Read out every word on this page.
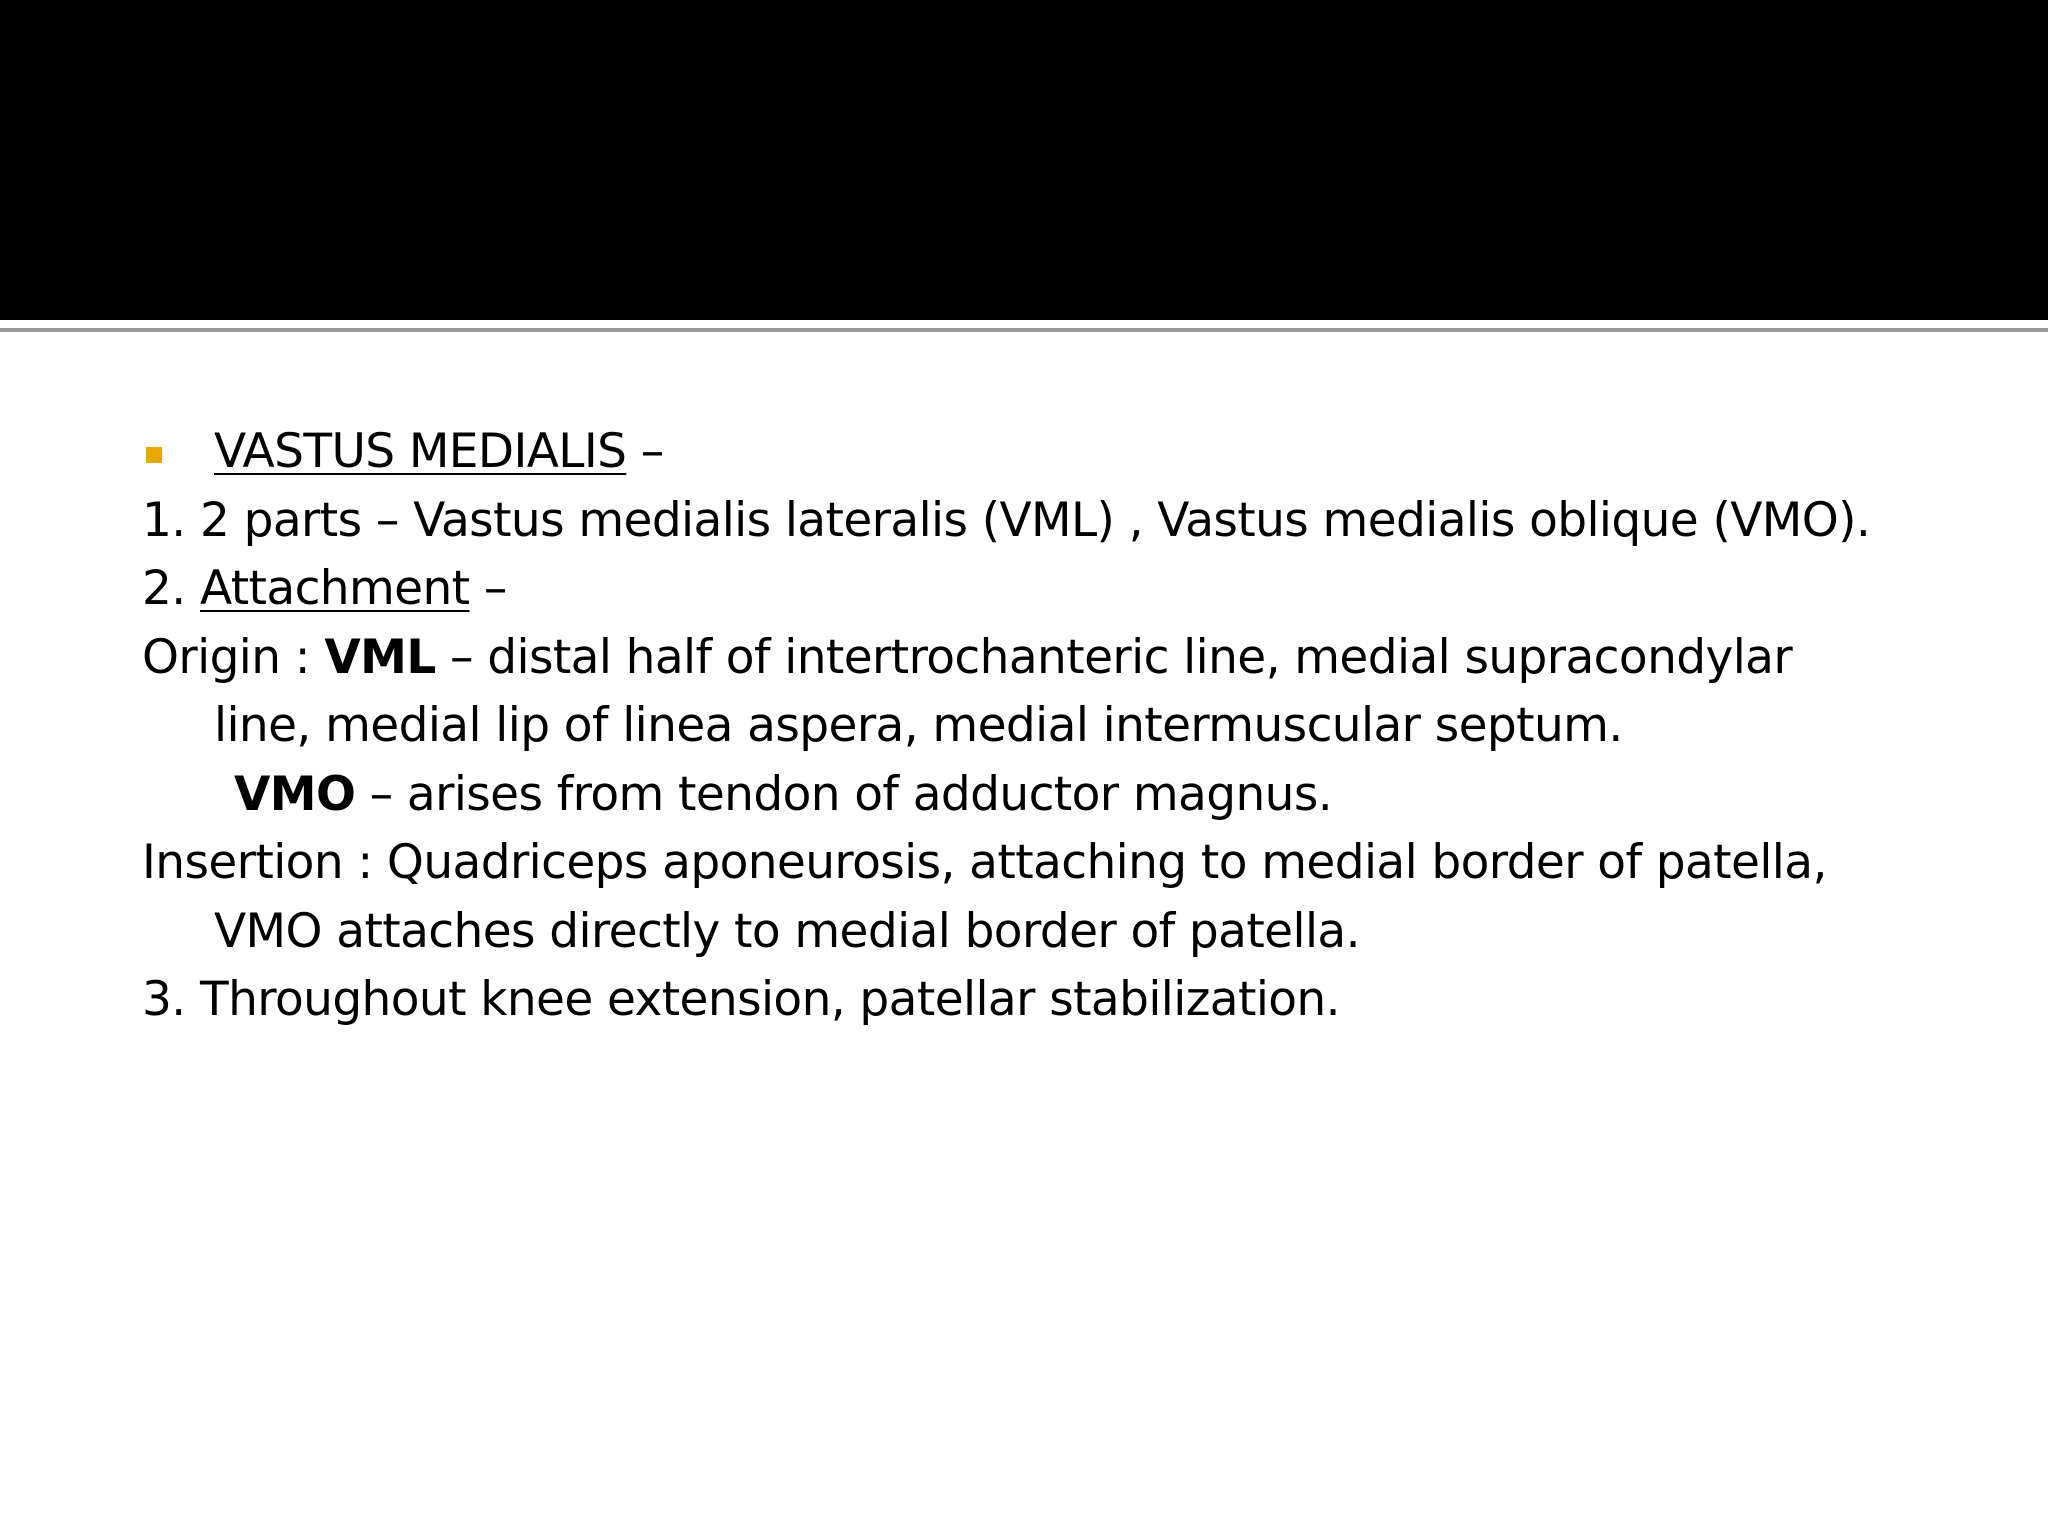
VASTUS MEDIALIS –

1. 2 parts – Vastus medialis lateralis (VML) , Vastus medialis oblique (VMO).

2. Attachment –

Origin : VML – distal half of intertrochanteric line, medial supracondylar

line, medial lip of linea aspera, medial intermuscular septum.

VMO – arises from tendon of adductor magnus.

Insertion : Quadriceps aponeurosis, attaching to medial border of patella,

VMO attaches directly to medial border of patella.

3. Throughout knee extension, patellar stabilization.
